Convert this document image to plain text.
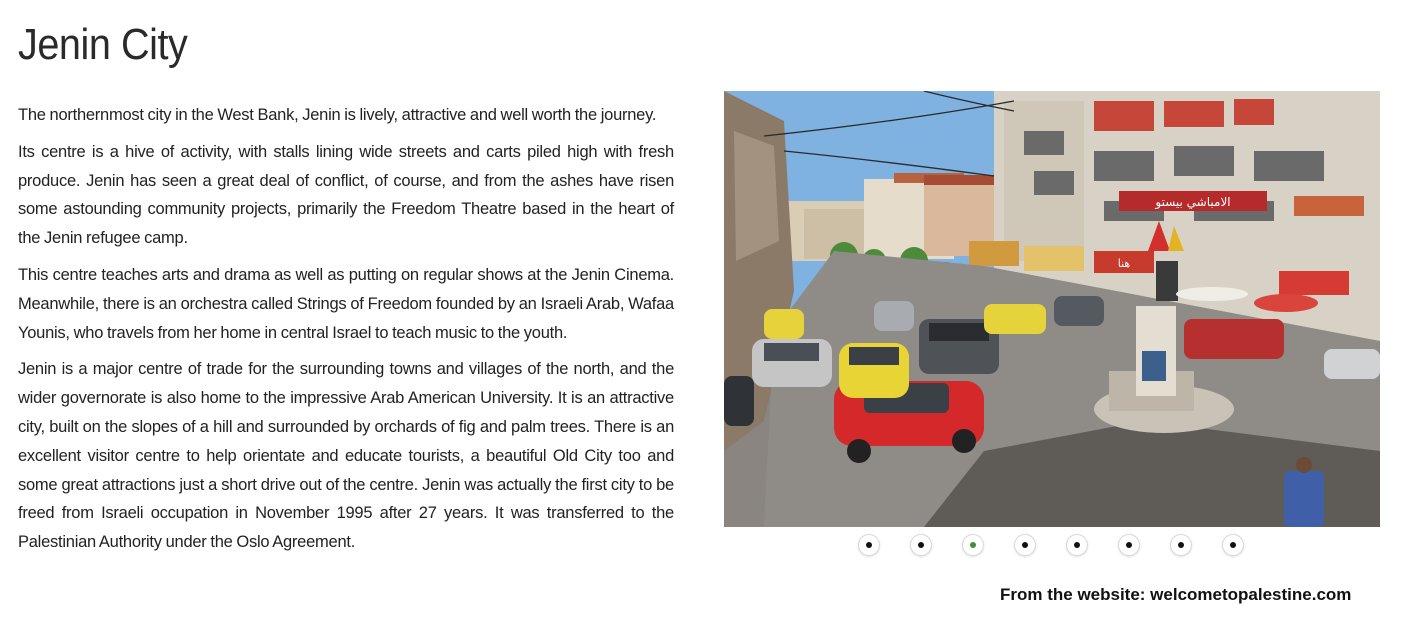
Jenin City

The northernmost city in the West Bank, Jenin is lively, attractive and well worth the journey.

Its centre is a hive of activity, with stalls lining wide streets and carts piled high with fresh produce. Jenin has seen a great deal of conflict, of course, and from the ashes have risen some astounding community projects, primarily the Freedom Theatre based in the heart of the Jenin refugee camp.

This centre teaches arts and drama as well as putting on regular shows at the Jenin Cinema. Meanwhile, there is an orchestra called Strings of Freedom founded by an Israeli Arab, Wafaa Younis, who travels from her home in central Israel to teach music to the youth.

Jenin is a major centre of trade for the surrounding towns and villages of the north, and the wider governorate is also home to the impressive Arab American University. It is an attractive city, built on the slopes of a hill and surrounded by orchards of fig and palm trees. There is an excellent visitor centre to help orientate and educate tourists, a beautiful Old City too and some great attractions just a short drive out of the centre. Jenin was actually the first city to be freed from Israeli occupation in November 1995 after 27 years. It was transferred to the Palestinian Authority under the Oslo Agreement.

الامباشي بيستو
هنا
From the website: welcometopalestine.com
